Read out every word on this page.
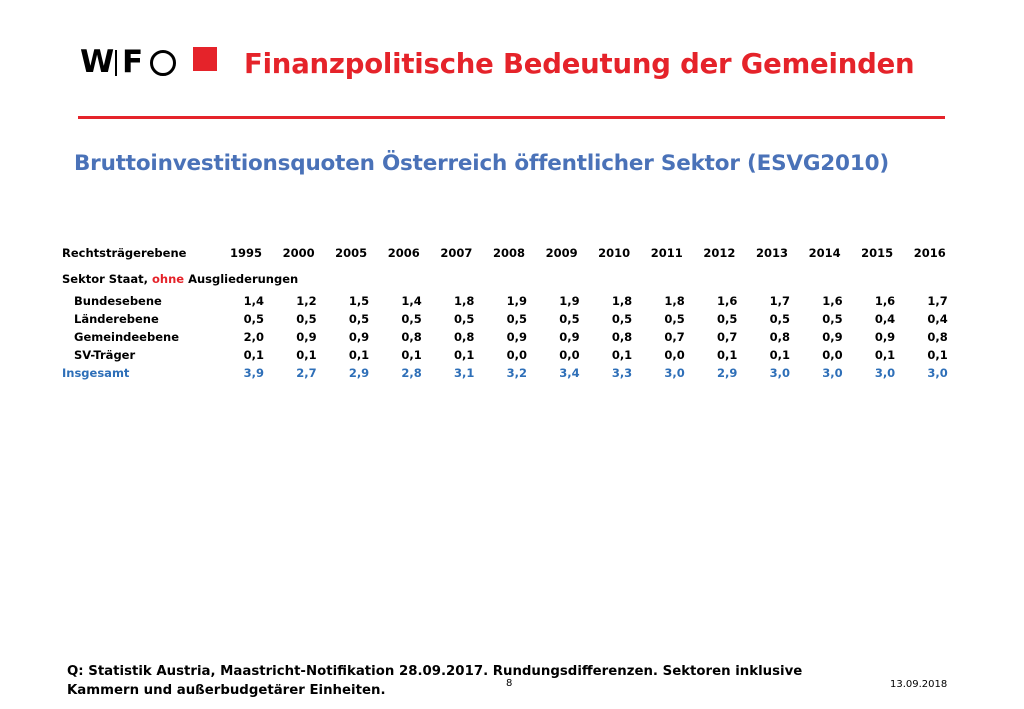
W F	Finanzpolitische Bedeutung der Gemeinden
Bruttoinvestitionsquoten Österreich öffentlicher Sektor (ESVG2010)
Rechtsträgerebene	1995	2000	2005	2006	2007	2008	2009	2010	2011	2012	2013	2014	2015	2016
Sektor Staat, ohne Ausgliederungen
Bundesebene	1,4	1,2	1,5	1,4	1,8	1,9	1,9	1,8	1,8	1,6	1,7	1,6	1,6	1,7
Länderebene	0,5	0,5	0,5	0,5	0,5	0,5	0,5	0,5	0,5	0,5	0,5	0,5	0,4	0,4
Gemeindeebene	2,0	0,9	0,9	0,8	0,8	0,9	0,9	0,8	0,7	0,7	0,8	0,9	0,9	0,8
SV-Träger	0,1	0,1	0,1	0,1	0,1	0,0	0,0	0,1	0,0	0,1	0,1	0,0	0,1	0,1
Insgesamt	3,9	2,7	2,9	2,8	3,1	3,2	3,4	3,3	3,0	2,9	3,0	3,0	3,0	3,0
Q: Statistik Austria, Maastricht-Notifikation 28.09.2017. Rundungsdifferenzen. Sektoren inklusive
Kammern und außerbudgetärer Einheiten.	8	13.09.2018
